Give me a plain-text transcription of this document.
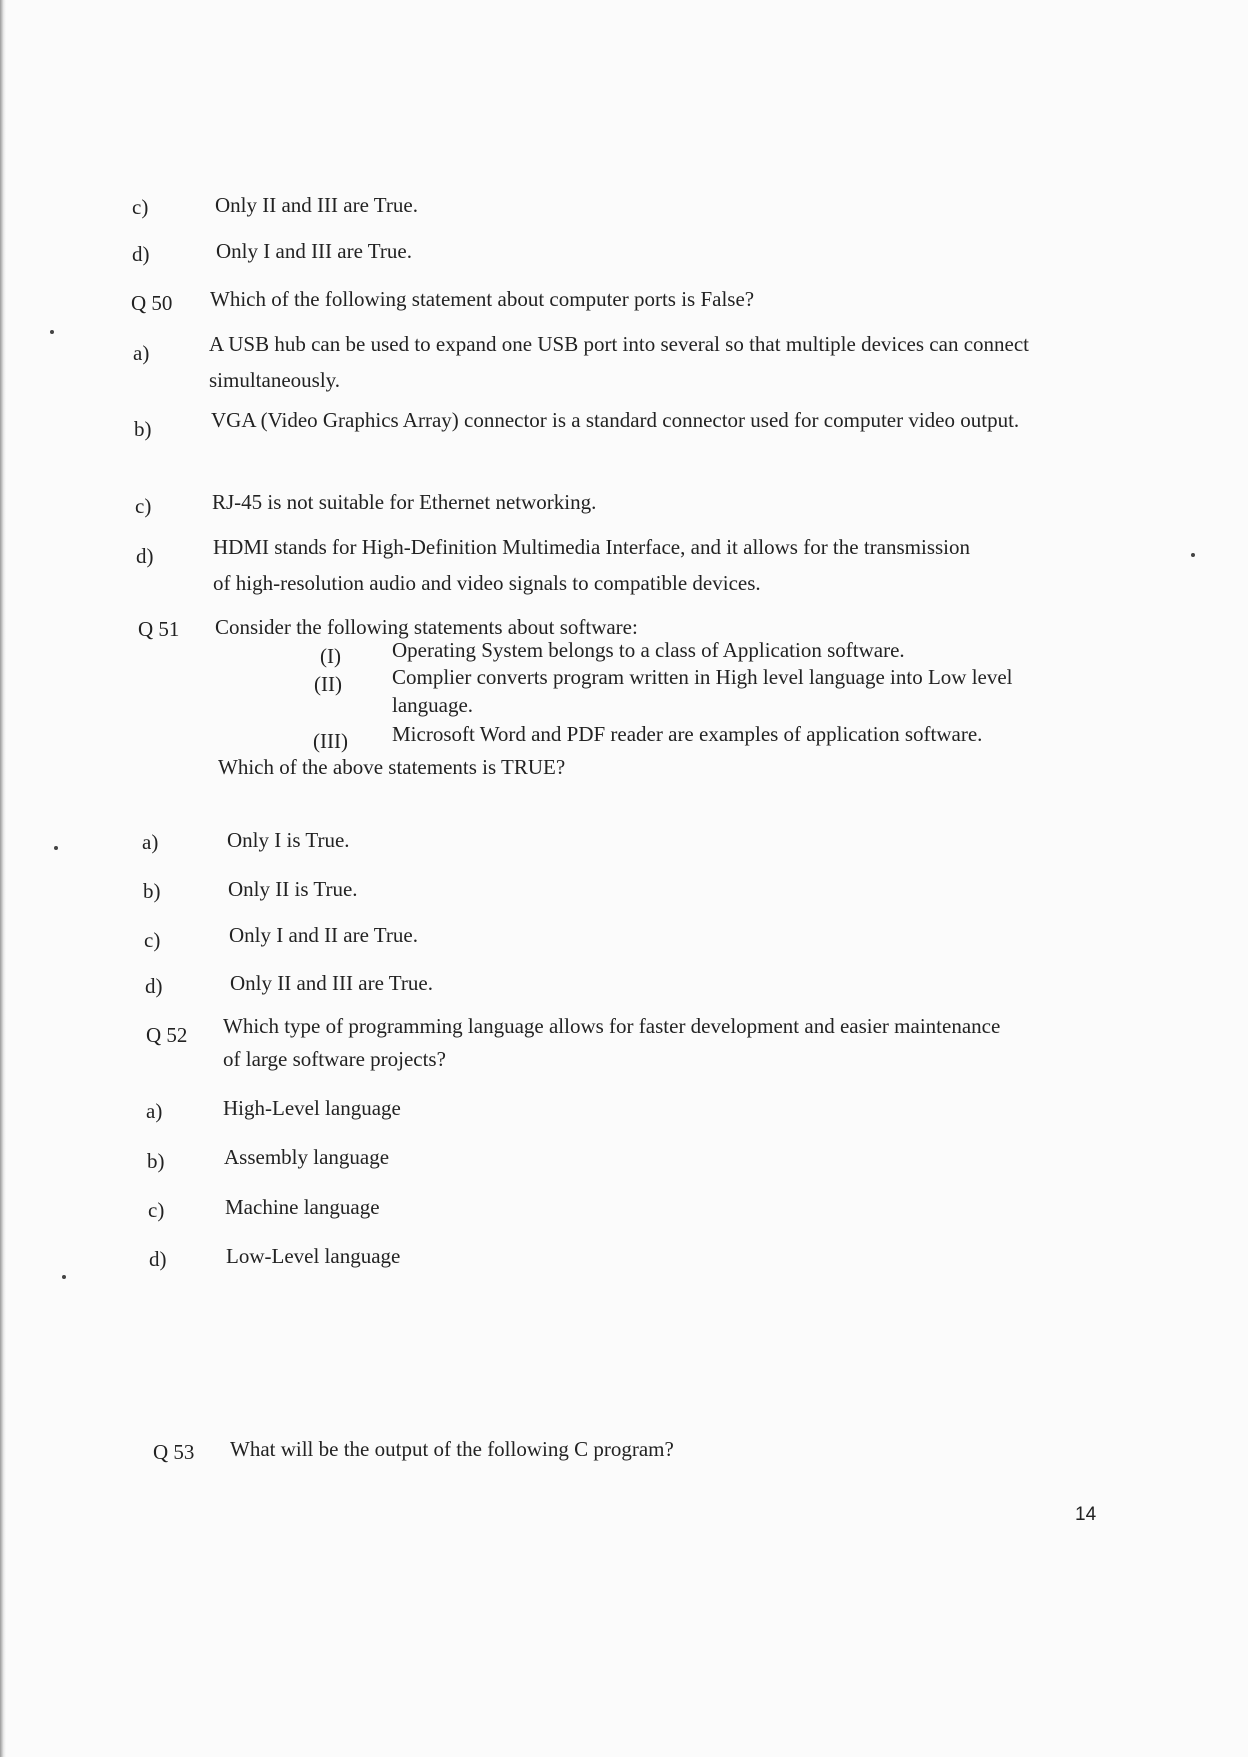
c)	Only II and III are True.
d)	Only I and III are True.
Q 50 Which of the following statement about computer ports is False?
a)	A USB hub can be used to expand one USB port into several so that multiple devices can connect simultaneously.
b)	VGA (Video Graphics Array) connector is a standard connector used for computer video output.
c)	RJ-45 is not suitable for Ethernet networking.
d)	HDMI stands for High-Definition Multimedia Interface, and it allows for the transmission of high-resolution audio and video signals to compatible devices.
Q 51 Consider the following statements about software:
(I) Operating System belongs to a class of Application software.
(II) Complier converts program written in High level language into Low level language.
(III) Microsoft Word and PDF reader are examples of application software.
Which of the above statements is TRUE?
a)	Only I is True.
b)	Only II is True.
c)	Only I and II are True.
d)	Only II and III are True.
Q 52 Which type of programming language allows for faster development and easier maintenance of large software projects?
a)	High-Level language
b)	Assembly language
c)	Machine language
d)	Low-Level language
Q 53 What will be the output of the following C program?
14
